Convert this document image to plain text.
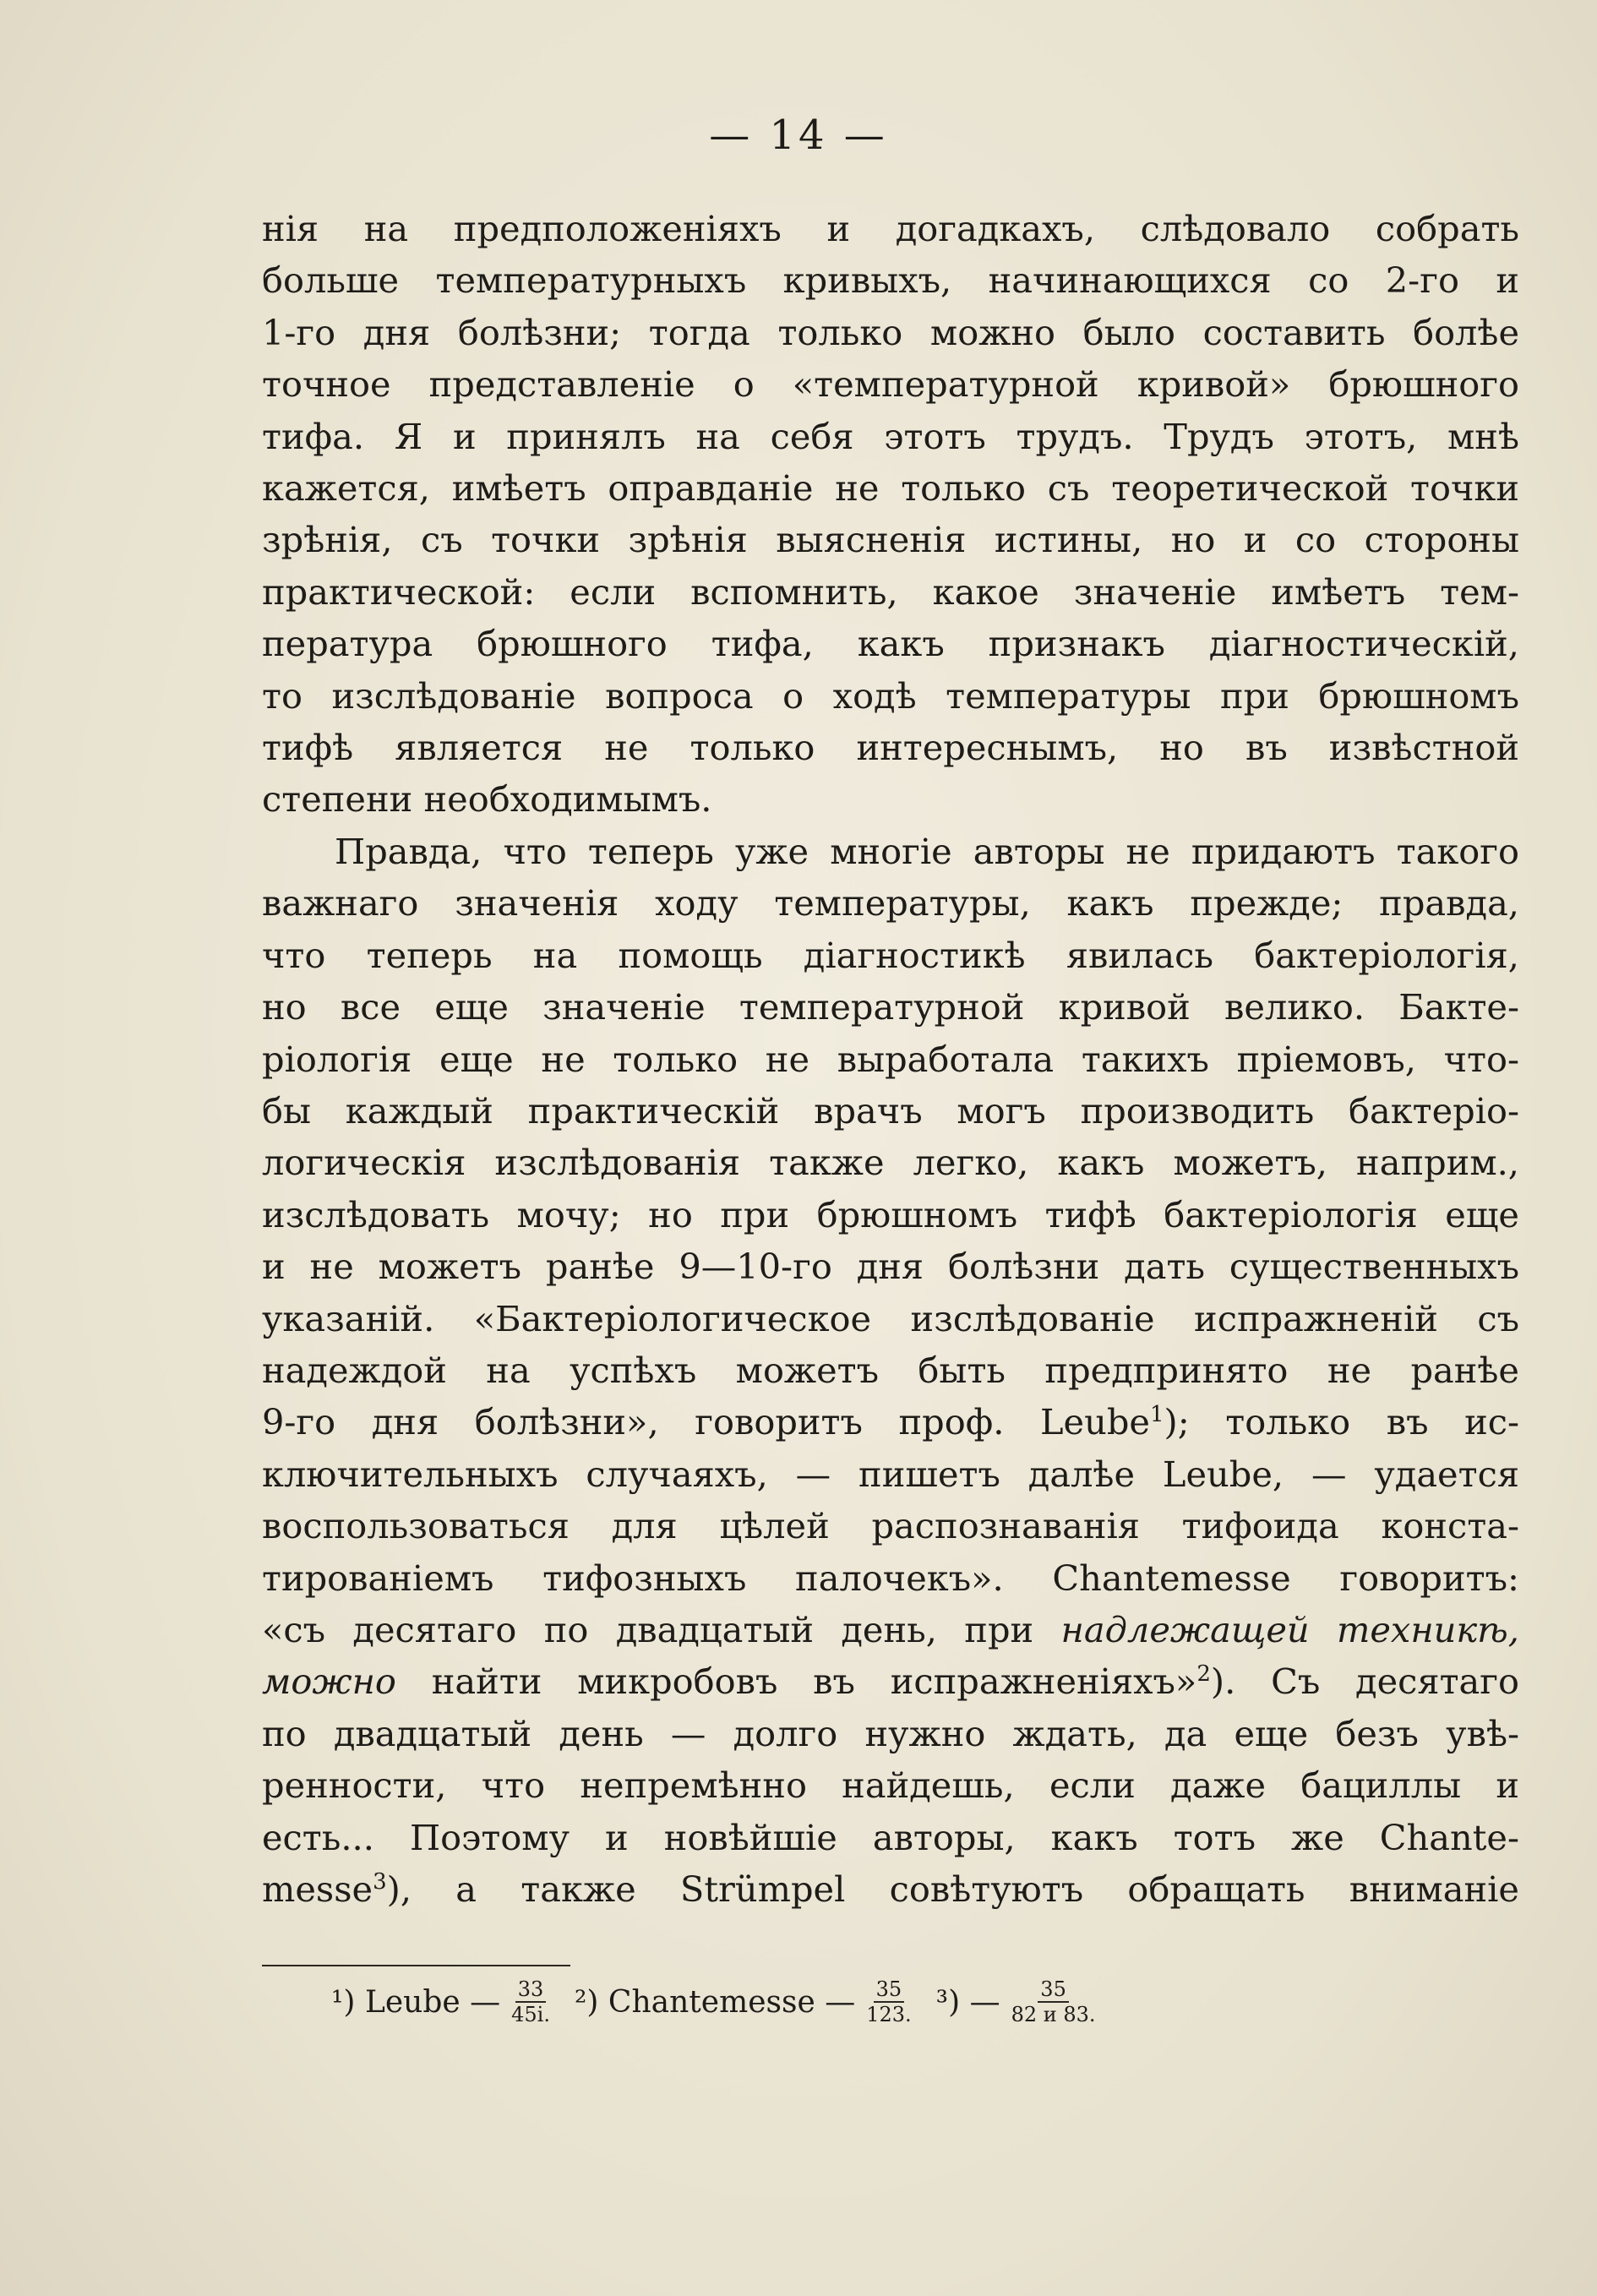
— 14 —
нія на предположеніяхъ и догадкахъ, слѣдовало собрать
больше температурныхъ кривыхъ, начинающихся со 2-го и
1-го дня болѣзни; тогда только можно было составить болѣе
точное представленіе о «температурной кривой» брюшного
тифа. Я и принялъ на себя этотъ трудъ. Трудъ этотъ, мнѣ
кажется, имѣетъ оправданіе не только съ теоретической точки
зрѣнія, съ точки зрѣнія выясненія истины, но и со стороны
практической: если вспомнить, какое значеніе имѣетъ тем-
пература брюшного тифа, какъ признакъ діагностическій,
то изслѣдованіе вопроса о ходѣ температуры при брюшномъ
тифѣ является не только интереснымъ, но въ извѣстной
степени необходимымъ.
Правда, что теперь уже многіе авторы не придаютъ такого
важнаго значенія ходу температуры, какъ прежде; правда,
что теперь на помощь діагностикѣ явилась бактеріологія,
но все еще значеніе температурной кривой велико. Бакте-
ріологія еще не только не выработала такихъ пріемовъ, что-
бы каждый практическій врачъ могъ производить бактеріо-
логическія изслѣдованія также легко, какъ можетъ, наприм.,
изслѣдовать мочу; но при брюшномъ тифѣ бактеріологія еще
и не можетъ ранѣе 9—10-го дня болѣзни дать существенныхъ
указаній. «Бактеріологическое изслѣдованіе испражненій съ
надеждой на успѣхъ можетъ быть предпринято не ранѣе
9-го дня болѣзни», говоритъ проф. Leube$^1$); только въ ис-
ключительныхъ случаяхъ, — пишетъ далѣе Leube, — удается
воспользоваться для цѣлей распознаванія тифоида конста-
тированіемъ тифозныхъ палочекъ». Chantemesse говоритъ:
«съ десятаго по двадцатый день, при надлежащей техникѣ,
можно найти микробовъ въ испражненіяхъ»$^2$). Съ десятаго
по двадцатый день — долго нужно ждать, да еще безъ увѣ-
ренности, что непремѣнно найдешь, если даже бациллы и
есть... Поэтому и новѣйшіе авторы, какъ тотъ же Chante-
messe$^3$), а также Strümpel совѣтуютъ обращать вниманіе
¹)
Leube — $\frac{33}{45і.} ^2$)
Chantemesse — $\frac{35}{123.} ^3$)
— $\frac{35}{82 и 83.}$
